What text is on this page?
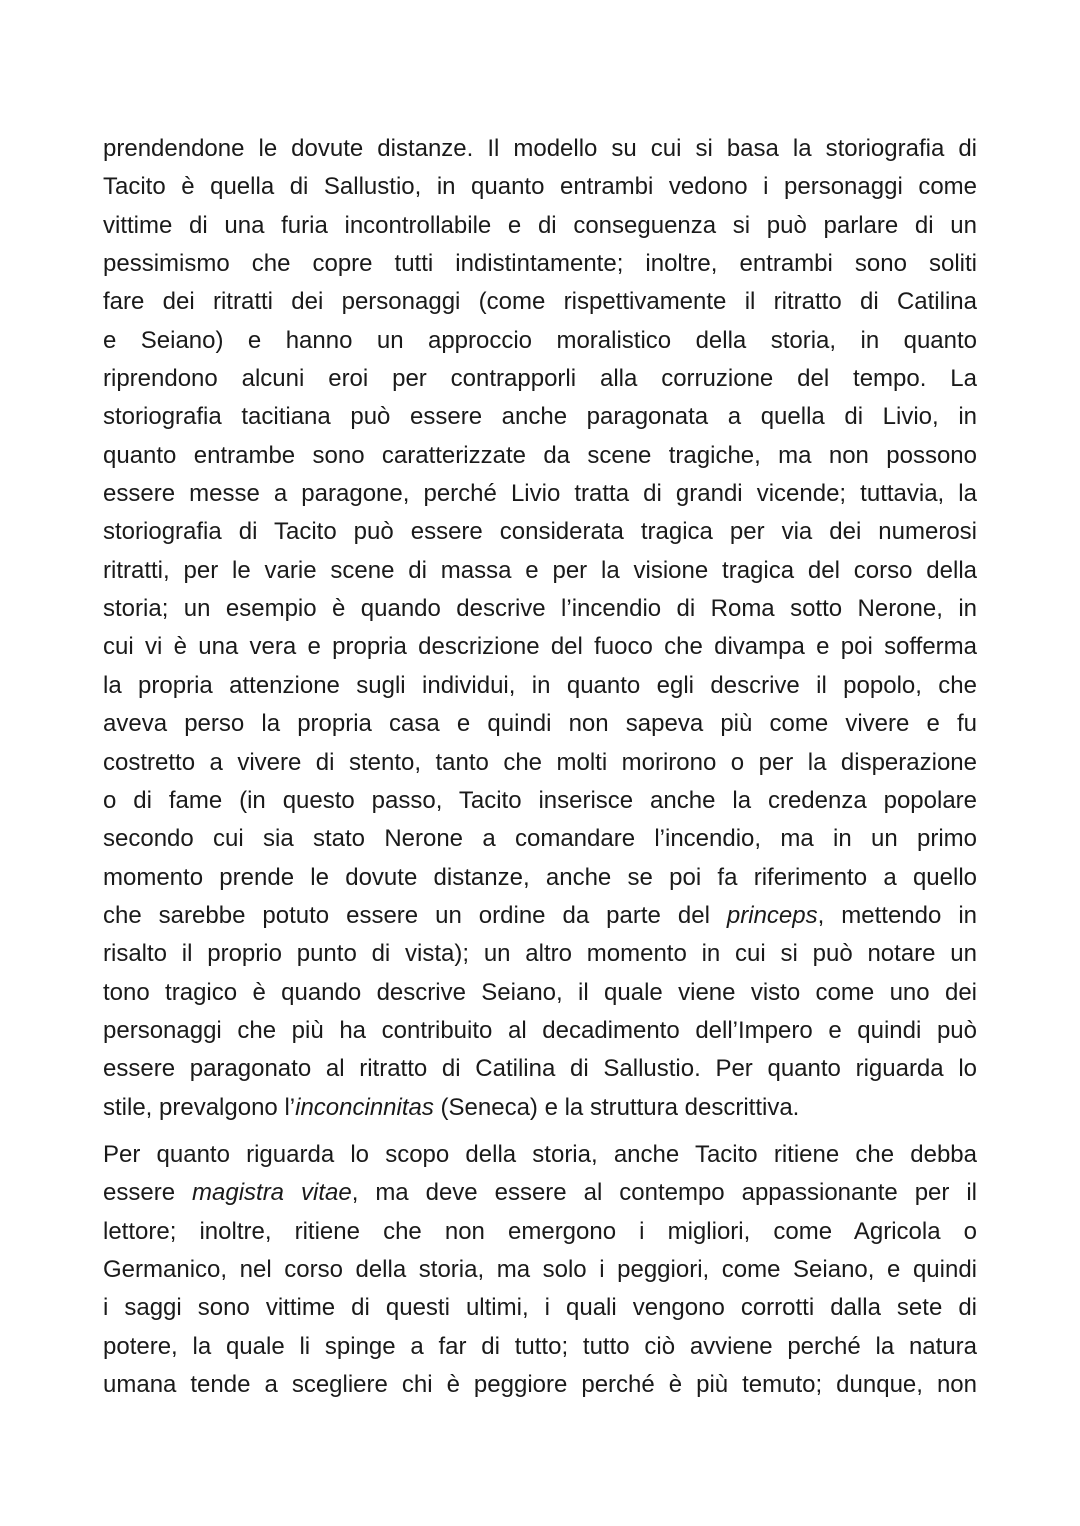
prendendone le dovute distanze. Il modello su cui si basa la storiografia di
Tacito è quella di Sallustio, in quanto entrambi vedono i personaggi come
vittime di una furia incontrollabile e di conseguenza si può parlare di un
pessimismo che copre tutti indistintamente; inoltre, entrambi sono soliti
fare dei ritratti dei personaggi (come rispettivamente il ritratto di Catilina
e Seiano) e hanno un approccio moralistico della storia, in quanto
riprendono alcuni eroi per contrapporli alla corruzione del tempo. La
storiografia tacitiana può essere anche paragonata a quella di Livio, in
quanto entrambe sono caratterizzate da scene tragiche, ma non possono
essere messe a paragone, perché Livio tratta di grandi vicende; tuttavia, la
storiografia di Tacito può essere considerata tragica per via dei numerosi
ritratti, per le varie scene di massa e per la visione tragica del corso della
storia; un esempio è quando descrive l’incendio di Roma sotto Nerone, in
cui vi è una vera e propria descrizione del fuoco che divampa e poi sofferma
la propria attenzione sugli individui, in quanto egli descrive il popolo, che
aveva perso la propria casa e quindi non sapeva più come vivere e fu
costretto a vivere di stento, tanto che molti morirono o per la disperazione
o di fame (in questo passo, Tacito inserisce anche la credenza popolare
secondo cui sia stato Nerone a comandare l’incendio, ma in un primo
momento prende le dovute distanze, anche se poi fa riferimento a quello
che sarebbe potuto essere un ordine da parte del princeps, mettendo in
risalto il proprio punto di vista); un altro momento in cui si può notare un
tono tragico è quando descrive Seiano, il quale viene visto come uno dei
personaggi che più ha contribuito al decadimento dell’Impero e quindi può
essere paragonato al ritratto di Catilina di Sallustio. Per quanto riguarda lo
stile, prevalgono l’inconcinnitas (Seneca) e la struttura descrittiva.

Per quanto riguarda lo scopo della storia, anche Tacito ritiene che debba
essere magistra vitae, ma deve essere al contempo appassionante per il
lettore; inoltre, ritiene che non emergono i migliori, come Agricola o
Germanico, nel corso della storia, ma solo i peggiori, come Seiano, e quindi
i saggi sono vittime di questi ultimi, i quali vengono corrotti dalla sete di
potere, la quale li spinge a far di tutto; tutto ciò avviene perché la natura
umana tende a scegliere chi è peggiore perché è più temuto; dunque, non
